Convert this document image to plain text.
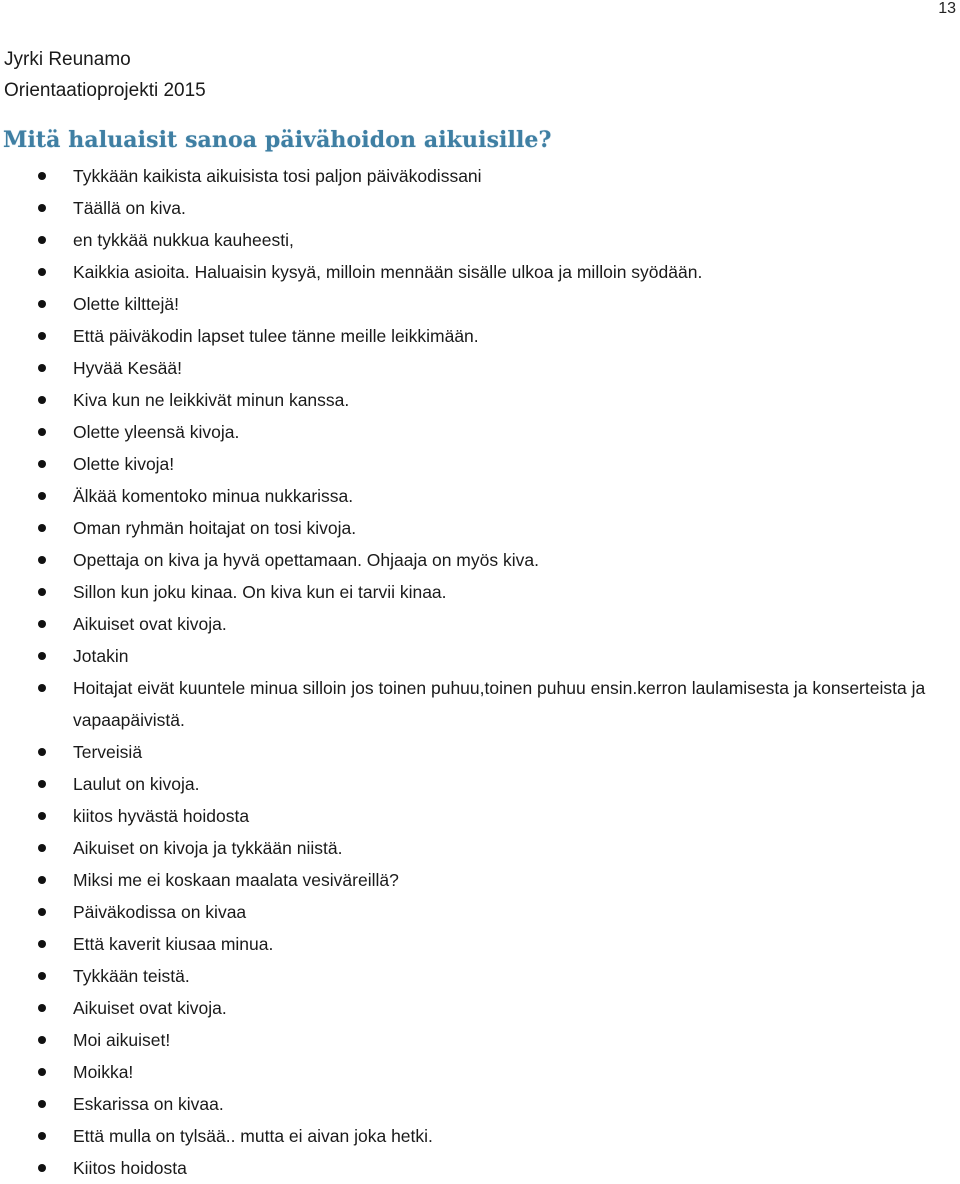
13
Jyrki Reunamo
Orientaatioprojekti 2015
Mitä haluaisit sanoa päivähoidon aikuisille?
Tykkään kaikista aikuisista tosi paljon päiväkodissani
Täällä on kiva.
en tykkää nukkua kauheesti,
Kaikkia asioita. Haluaisin kysyä, milloin mennään sisälle ulkoa ja milloin syödään.
Olette kilttejä!
Että päiväkodin lapset tulee tänne meille leikkimään.
Hyvää Kesää!
Kiva kun ne leikkivät minun kanssa.
Olette yleensä kivoja.
Olette kivoja!
Älkää komentoko minua nukkarissa.
Oman ryhmän hoitajat on tosi kivoja.
Opettaja on kiva ja hyvä opettamaan. Ohjaaja on myös kiva.
Sillon kun joku kinaa. On kiva kun ei tarvii kinaa.
Aikuiset ovat kivoja.
Jotakin
Hoitajat eivät kuuntele minua silloin jos toinen puhuu,toinen puhuu ensin.kerron laulamisesta ja konserteista ja vapaapäivistä.
Terveisiä
Laulut on kivoja.
kiitos hyvästä hoidosta
Aikuiset on kivoja ja tykkään niistä.
Miksi me ei koskaan maalata vesiväreillä?
Päiväkodissa on kivaa
Että kaverit kiusaa minua.
Tykkään teistä.
Aikuiset ovat kivoja.
Moi aikuiset!
Moikka!
Eskarissa on kivaa.
Että mulla on tylsää.. mutta ei aivan joka hetki.
Kiitos hoidosta
